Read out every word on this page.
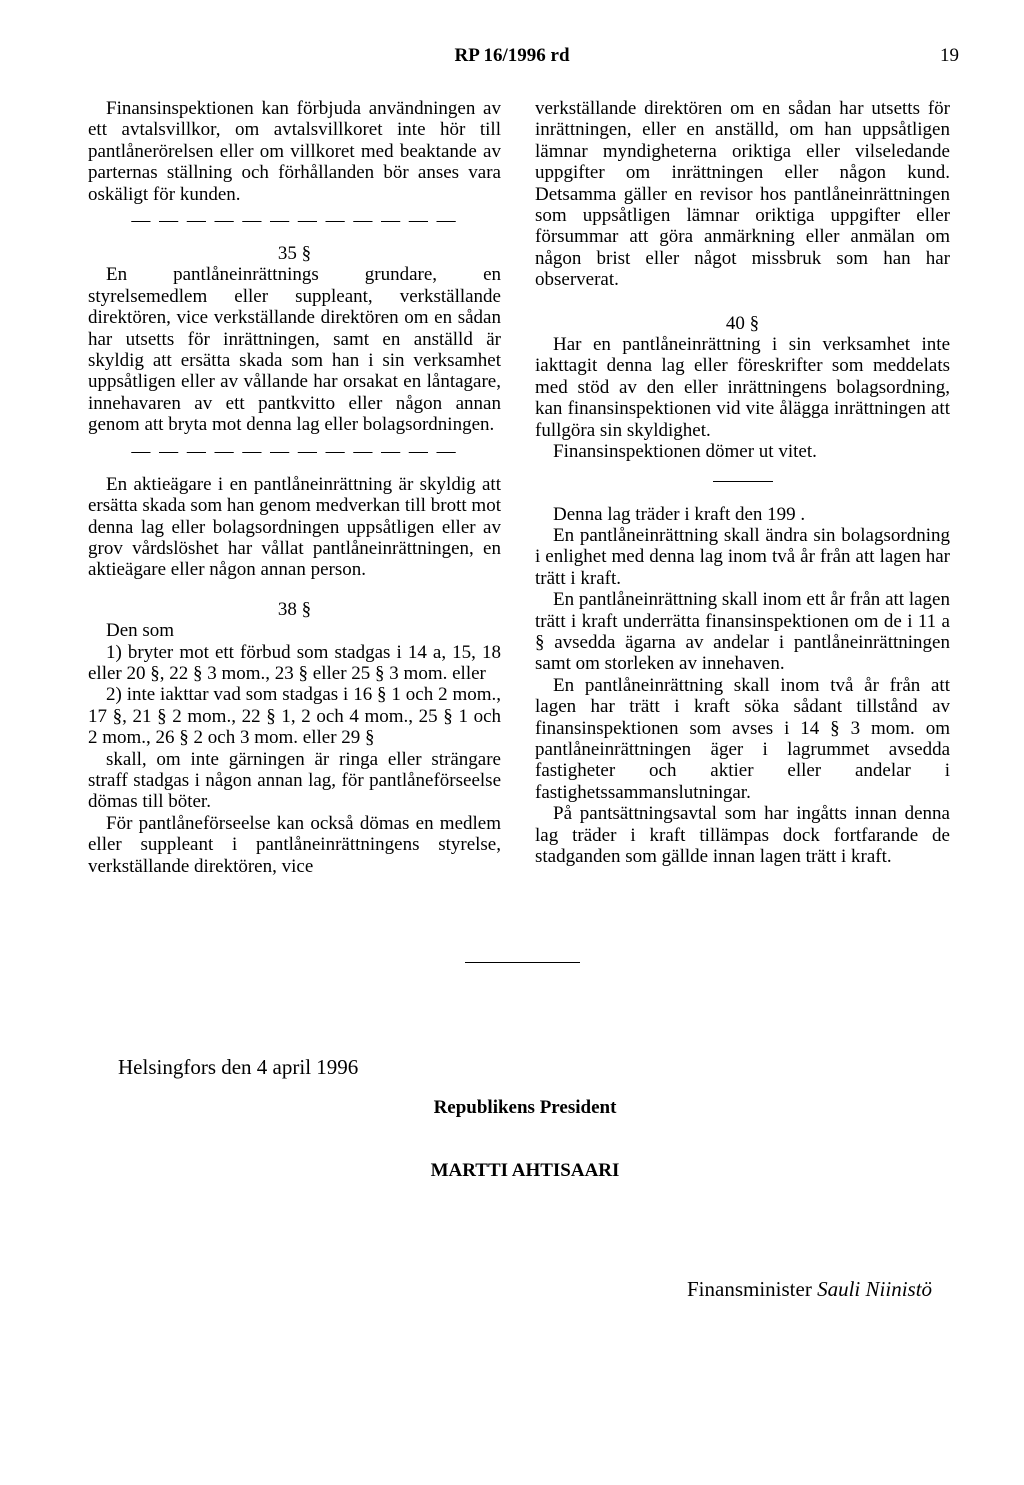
RP 16/1996 rd	19

Finansinspektionen kan förbjuda användningen av ett avtalsvillkor, om avtalsvillkoret inte hör till pantlånerörelsen eller om villkoret med beaktande av parternas ställning och förhållanden bör anses vara oskäligt för kunden.

— — — — — — — — — — — —

35 §

En pantlåneinrättnings grundare, en styrelsemedlem eller suppleant, verkställande direktören, vice verkställande direktören om en sådan har utsetts för inrättningen, samt en anställd är skyldig att ersätta skada som han i sin verksamhet uppsåtligen eller av vållande har orsakat en låntagare, innehavaren av ett pantkvitto eller någon annan genom att bryta mot denna lag eller bolagsordningen.

— — — — — — — — — — — —

En aktieägare i en pantlåneinrättning är skyldig att ersätta skada som han genom medverkan till brott mot denna lag eller bolagsordningen uppsåtligen eller av grov vårdslöshet har vållat pantlåneinrättningen, en aktieägare eller någon annan person.

38 §

Den som

1) bryter mot ett förbud som stadgas i 14 a, 15, 18 eller 20 §, 22 § 3 mom., 23 § eller 25 § 3 mom. eller

2) inte iakttar vad som stadgas i 16 § 1 och 2 mom., 17 §, 21 § 2 mom., 22 § 1, 2 och 4 mom., 25 § 1 och 2 mom., 26 § 2 och 3 mom. eller 29 §

skall, om inte gärningen är ringa eller strängare straff stadgas i någon annan lag, för pantlåneförseelse dömas till böter.

För pantlåneförseelse kan också dömas en medlem eller suppleant i pantlåneinrättningens styrelse, verkställande direktören, vice

verkställande direktören om en sådan har utsetts för inrättningen, eller en anställd, om han uppsåtligen lämnar myndigheterna oriktiga eller vilseledande uppgifter om inrättningen eller någon kund. Detsamma gäller en revisor hos pantlåneinrättningen som uppsåtligen lämnar oriktiga uppgifter eller försummar att göra anmärkning eller anmälan om någon brist eller något missbruk som han har observerat.

40 §

Har en pantlåneinrättning i sin verksamhet inte iakttagit denna lag eller föreskrifter som meddelats med stöd av den eller inrättningens bolagsordning, kan finansinspektionen vid vite ålägga inrättningen att fullgöra sin skyldighet.

Finansinspektionen dömer ut vitet.

Denna lag träder i kraft den 199 .

En pantlåneinrättning skall ändra sin bolagsordning i enlighet med denna lag inom två år från att lagen har trätt i kraft.

En pantlåneinrättning skall inom ett år från att lagen trätt i kraft underrätta finansinspektionen om de i 11 a § avsedda ägarna av andelar i pantlåneinrättningen samt om storleken av innehaven.

En pantlåneinrättning skall inom två år från att lagen har trätt i kraft söka sådant tillstånd av finansinspektionen som avses i 14 § 3 mom. om pantlåneinrättningen äger i lagrummet avsedda fastigheter och aktier eller andelar i fastighetssammanslutningar.

På pantsättningsavtal som har ingåtts innan denna lag träder i kraft tillämpas dock fortfarande de stadganden som gällde innan lagen trätt i kraft.

Helsingfors den 4 april 1996
Republikens President
MARTTI AHTISAARI
Finansminister Sauli Niinistö
